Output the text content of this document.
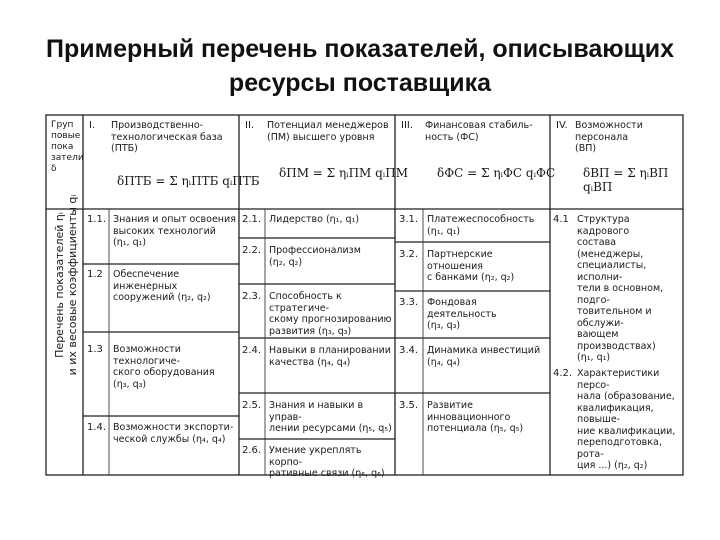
Примерный перечень показателей, описывающих
ресурсы поставщика
Груп
повые
пока
затели
δ
I. Производственно-
технологическая база
(ПТБ)
δПТБ = Σ ηᵢПТБ qᵢПТБ
II. Потенциал менеджеров
(ПМ) высшего уровня
δПМ = Σ ηᵢПМ qᵢПМ
III. Финансовая стабиль-
ность (ФС)
δФС = Σ ηᵢФС qᵢФС
IV. Возможности персонала
(ВП)
δВП = Σ ηᵢВП qᵢВП
Перечень показателей ηᵢ
и их весовые коэффициенты qᵢ
1.1. Знания и опыт освоения
высоких технологий
(η₁, q₁)
1.2 Обеспечение инженерных
сооружений (η₂, q₂)
1.3 Возможности технологиче-
ского оборудования
(η₃, q₃)
1.4. Возможности экспорти-
ческой службы (η₄, q₄)
2.1. Лидерство (η₁, q₁)
2.2. Профессионализм
(η₂, q₂)
2.3. Способность к стратегиче-
скому прогнозированию
развития (η₃, q₃)
2.4. Навыки в планировании
качества (η₄, q₄)
2.5. Знания и навыки в управ-
лении ресурсами (η₅, q₅)
2.6. Умение укреплять корпо-
ративные связи (η₆, q₆)
3.1. Платежеспособность
(η₁, q₁)
3.2. Партнерские отношения
с банками (η₂, q₂)
3.3. Фондовая деятельность
(η₃, q₃)
3.4. Динамика инвестиций
(η₄, q₄)
3.5. Развитие инновационного
потенциала (η₅, q₅)
4.1 Структура кадрового
состава (менеджеры,
специалисты, исполни-
тели в основном, подго-
товительном и обслужи-
вающем производствах)
(η₁, q₁)
4.2. Характеристики персо-
нала (образование,
квалификация, повыше-
ние квалификации,
переподготовка, ротa-
ция ...) (η₂, q₂)
